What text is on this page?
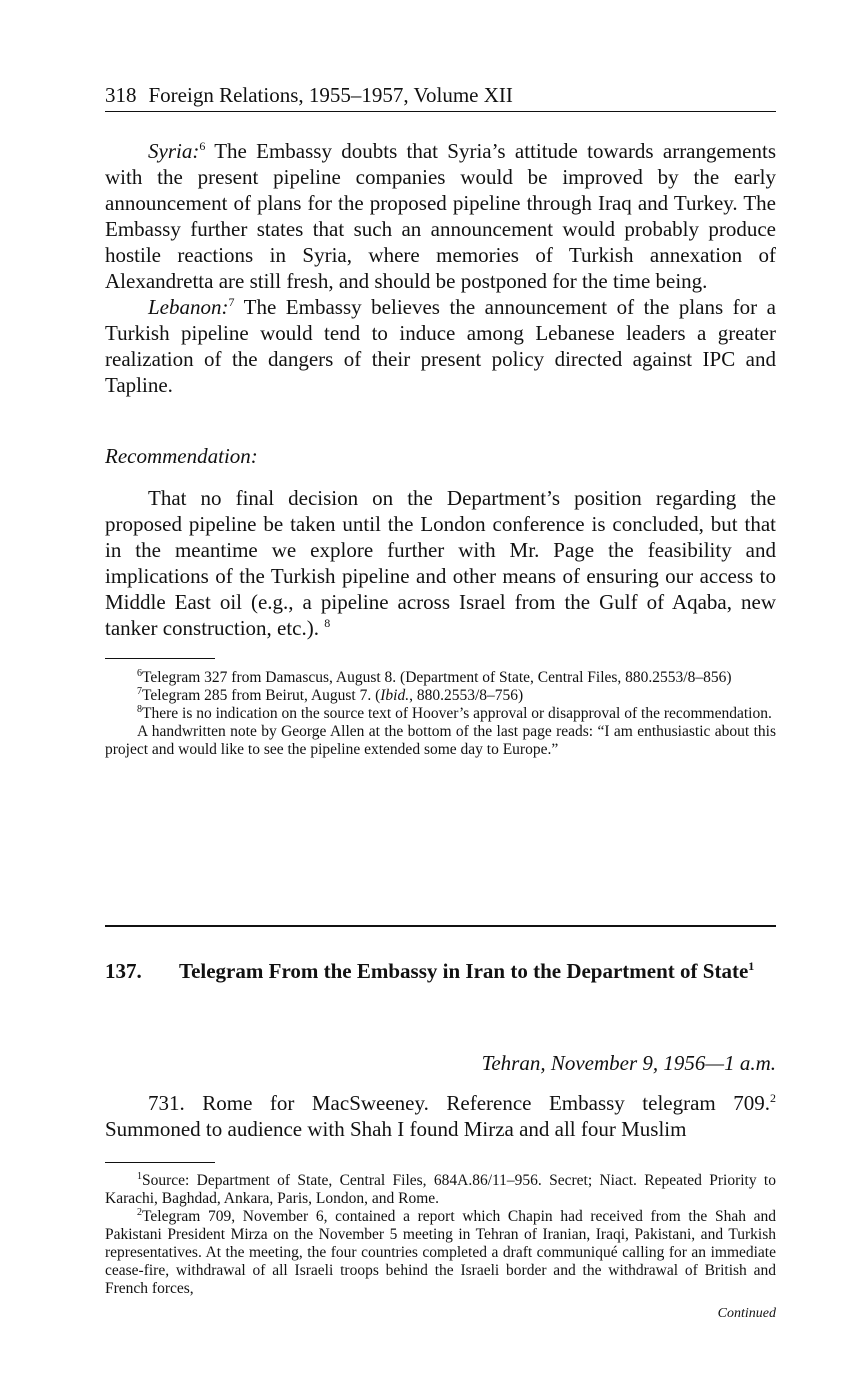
318 Foreign Relations, 1955–1957, Volume XII

Syria:$^6$ The Embassy doubts that Syria’s attitude towards arrangements with the present pipeline companies would be improved by the early announcement of plans for the proposed pipeline through Iraq and Turkey. The Embassy further states that such an announcement would probably produce hostile reactions in Syria, where memories of Turkish annexation of Alexandretta are still fresh, and should be postponed for the time being.

Lebanon:$^7$ The Embassy believes the announcement of the plans for a Turkish pipeline would tend to induce among Lebanese leaders a greater realization of the dangers of their present policy directed against IPC and Tapline.

Recommendation:

That no final decision on the Department’s position regarding the proposed pipeline be taken until the London conference is concluded, but that in the meantime we explore further with Mr. Page the feasibility and implications of the Turkish pipeline and other means of ensuring our access to Middle East oil (e.g., a pipeline across Israel from the Gulf of Aqaba, new tanker construction, etc.). $^8$

$^6$Telegram 327 from Damascus, August 8. (Department of State, Central Files, 880.2553/8–856)

$^7$Telegram 285 from Beirut, August 7. (Ibid., 880.2553/8–756)

$^8$There is no indication on the source text of Hoover’s approval or disapproval of the recommendation.

A handwritten note by George Allen at the bottom of the last page reads: “I am enthusiastic about this project and would like to see the pipeline extended some day to Europe.”

137. Telegram From the Embassy in Iran to the Department of State$^1$
Tehran, November 9, 1956—1 a.m.

731. Rome for MacSweeney. Reference Embassy telegram 709.$^2$ Summoned to audience with Shah I found Mirza and all four Muslim

$^1$Source: Department of State, Central Files, 684A.86/11–956. Secret; Niact. Repeated Priority to Karachi, Baghdad, Ankara, Paris, London, and Rome.

$^2$Telegram 709, November 6, contained a report which Chapin had received from the Shah and Pakistani President Mirza on the November 5 meeting in Tehran of Iranian, Iraqi, Pakistani, and Turkish representatives. At the meeting, the four countries completed a draft communiqué calling for an immediate cease-fire, withdrawal of all Israeli troops behind the Israeli border and the withdrawal of British and French forces,

Continued
